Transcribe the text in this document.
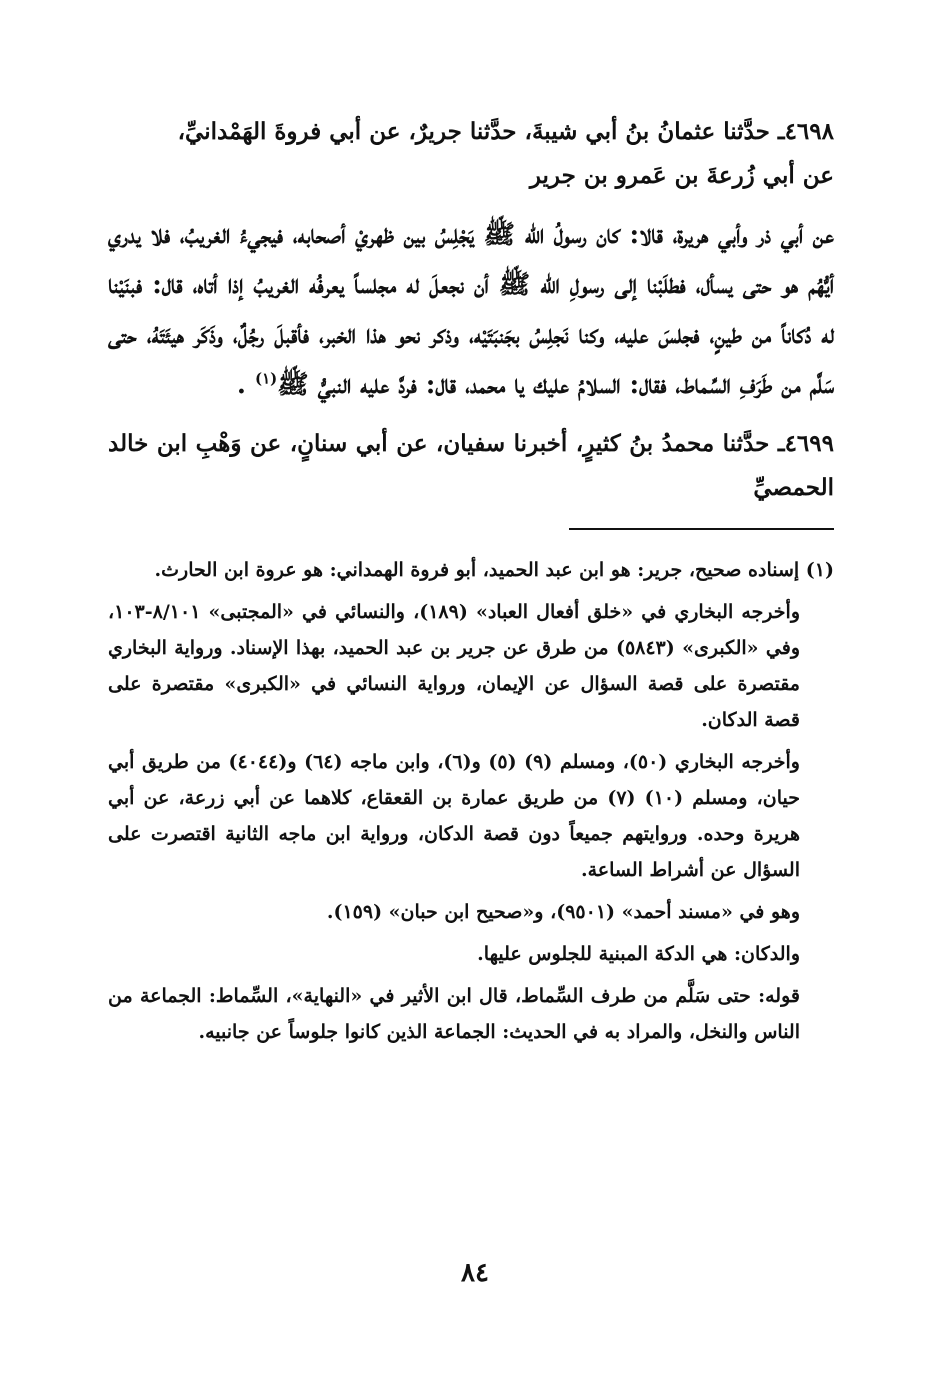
٤٦٩٨ـ حدَّثنا عثمانُ بنُ أبي شيبةَ، حدَّثنا جريرٌ، عن أبي فروةَ الهَمْدانيِّ،
عن أبي زُرعةَ بن عَمرو بن جرير
عن أبي ذر وأبي هريرة، قالا: كان رسولُ الله ﷺ يَجْلِسُ بين ظهريْ أصحابه، فيجيءُ الغريبُ، فلا يدري أيُّهُم هو حتى يسأل، فطلَبْنا إلى رسولِ الله ﷺ أن نجعلَ له مجلساً يعرفُه الغريبُ إذا أتاه، قال: فبنَيْنا له دُكاناً من طينٍ، فجلسَ عليه، وكنا نَجلِسُ بجَنبَتَيْه، وذكر نحو هذا الخبر، فأقبلَ رجُلٌ، وذَكَر هيئَتَهُ، حتى سَلَّم من طَرَفِ السِّماط، فقال: السلامُ عليك يا محمد، قال: فردَّ عليه النبيُّ ﷺ$^{(١)}$ .
٤٦٩٩ـ حدَّثنا محمدُ بنُ كثيرٍ، أخبرنا سفيان، عن أبي سنانٍ، عن وَهْبِ ابن خالد الحمصيِّ

(١) إسناده صحيح، جرير: هو ابن عبد الحميد، أبو فروة الهمداني: هو عروة ابن الحارث.

وأخرجه البخاري في «خلق أفعال العباد» (١٨٩)، والنسائي في «المجتبى» ٨/١٠١-١٠٣، وفي «الكبرى» (٥٨٤٣) من طرق عن جرير بن عبد الحميد، بهذا الإسناد. ورواية البخاري مقتصرة على قصة السؤال عن الإيمان، ورواية النسائي في «الكبرى» مقتصرة على قصة الدكان.

وأخرجه البخاري (٥٠)، ومسلم (٩) (٥) و(٦)، وابن ماجه (٦٤) و(٤٠٤٤) من طريق أبي حيان، ومسلم (١٠) (٧) من طريق عمارة بن القعقاع، كلاهما عن أبي زرعة، عن أبي هريرة وحده. وروايتهم جميعاً دون قصة الدكان، ورواية ابن ماجه الثانية اقتصرت على السؤال عن أشراط الساعة.

وهو في «مسند أحمد» (٩٥٠١)، و«صحيح ابن حبان» (١٥٩).

والدكان: هي الدكة المبنية للجلوس عليها.

قوله: حتى سَلَّم من طرف السِّماط، قال ابن الأثير في «النهاية»، السِّماط: الجماعة من الناس والنخل، والمراد به في الحديث: الجماعة الذين كانوا جلوساً عن جانبيه.

٨٤
